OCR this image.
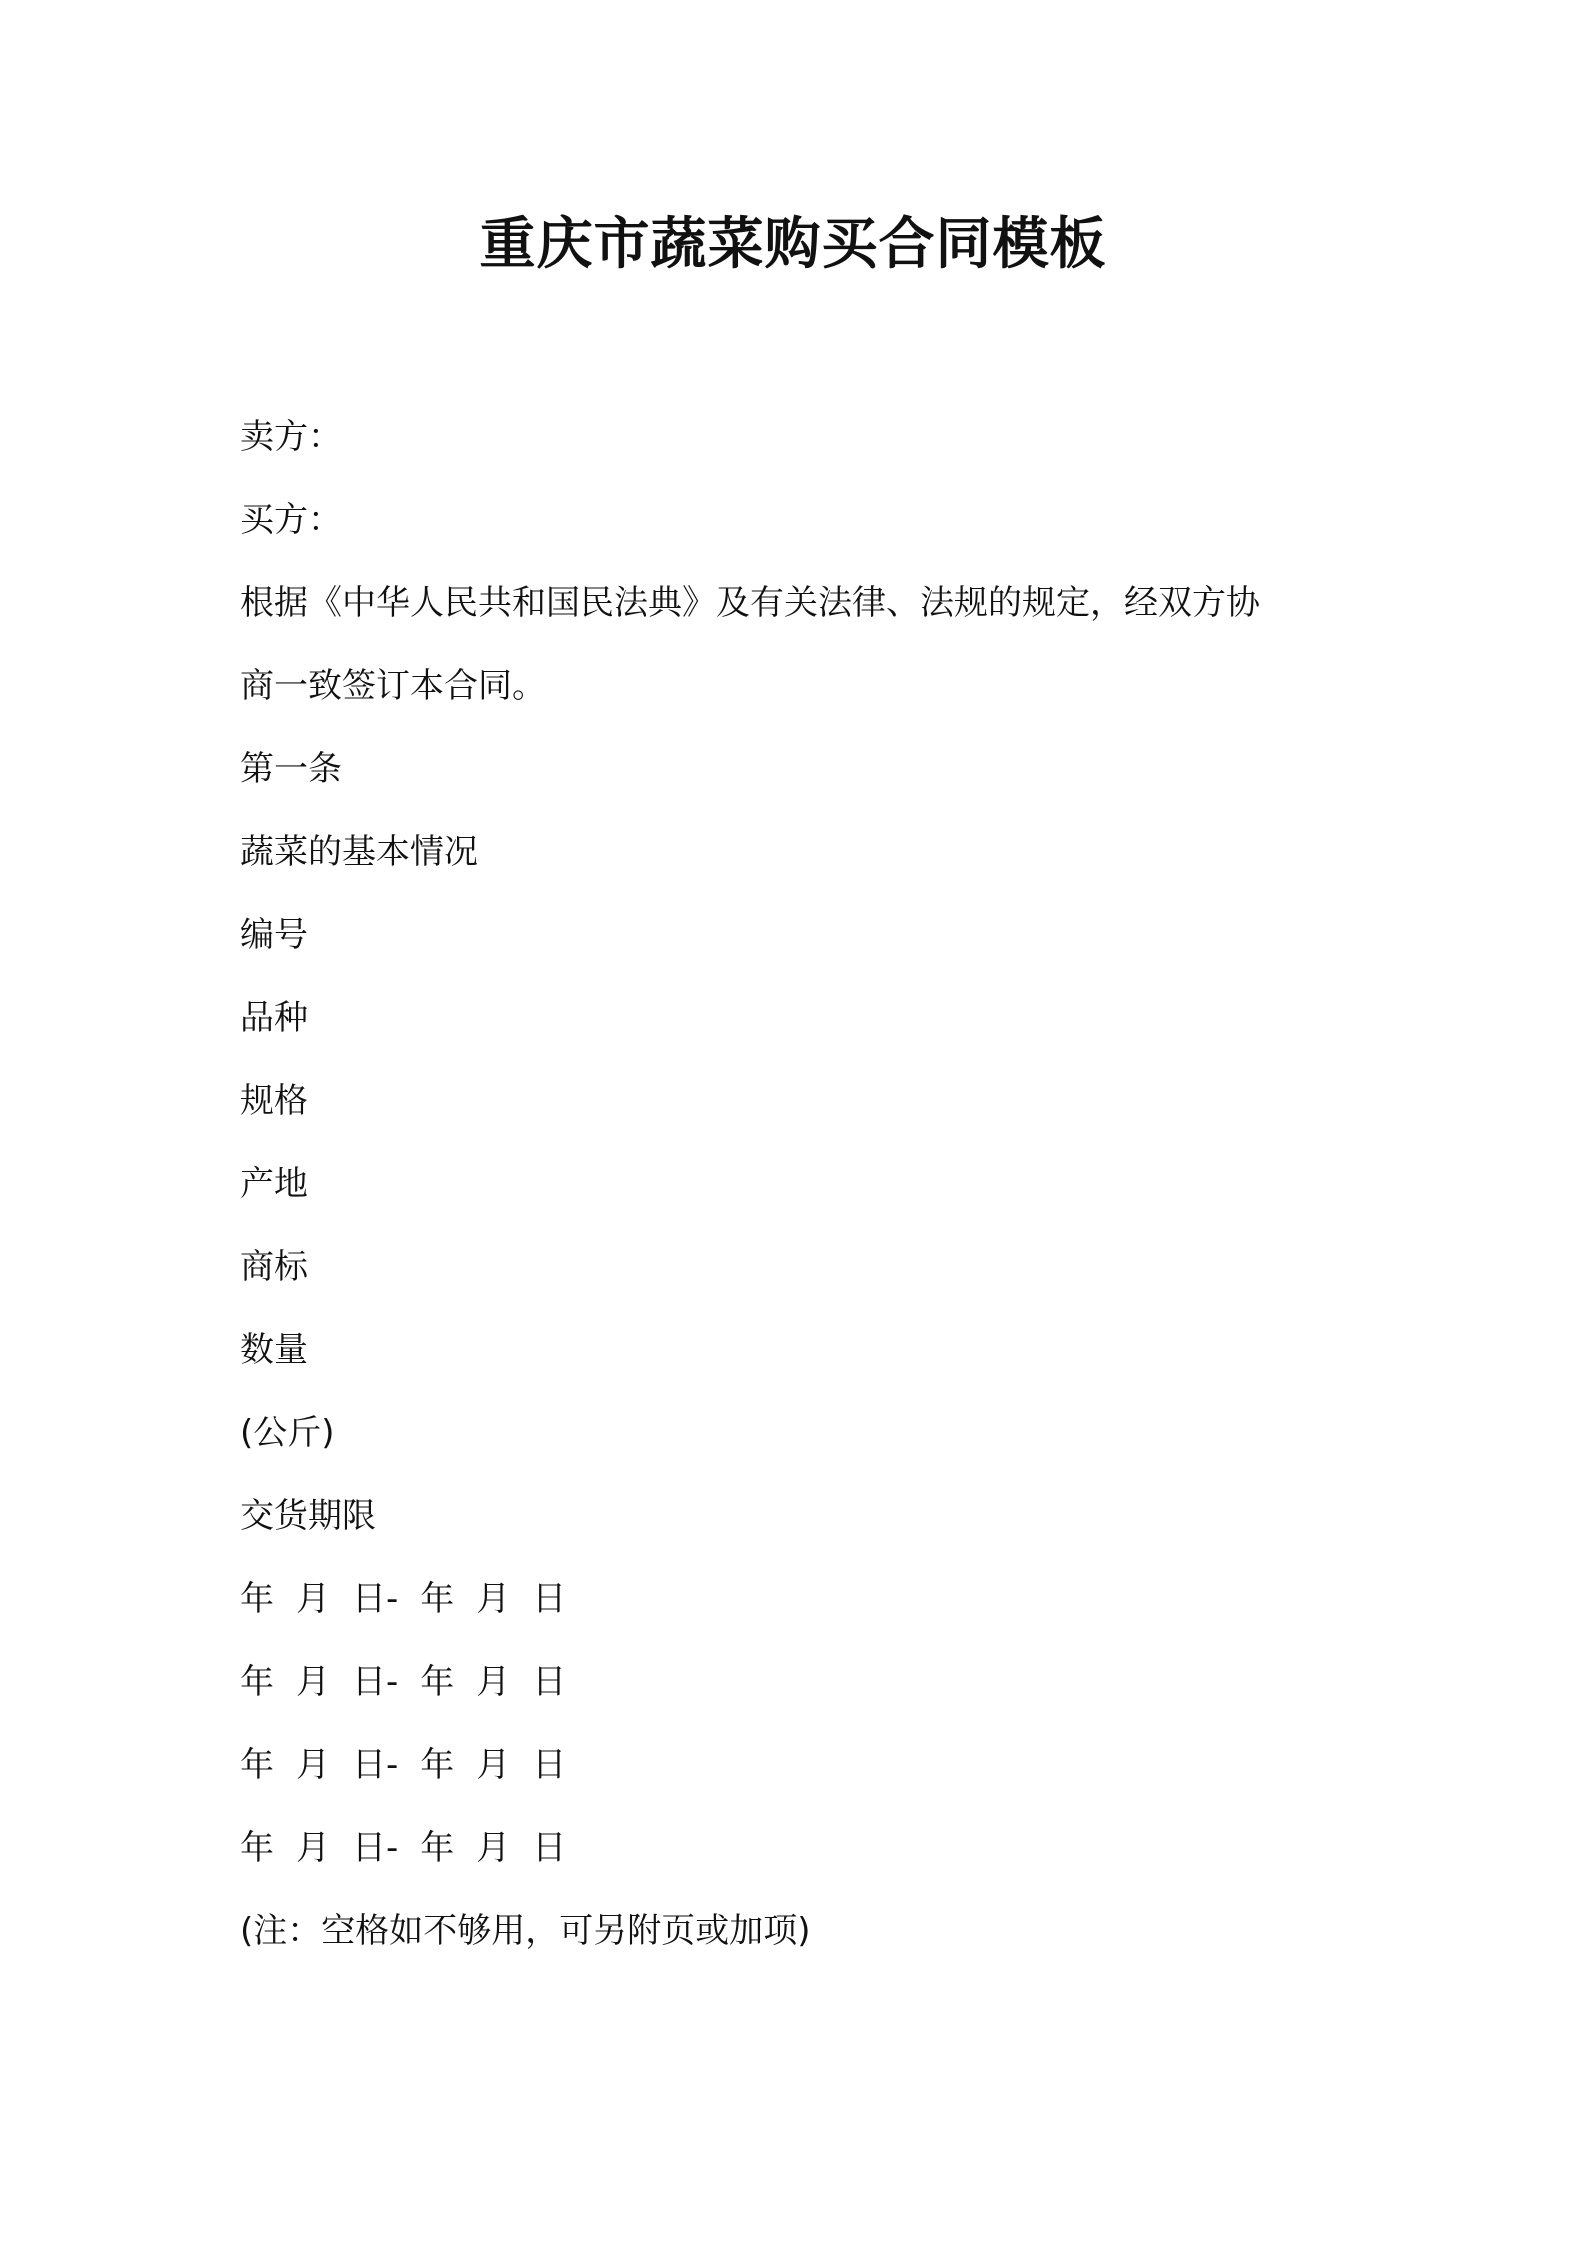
重庆市蔬菜购买合同模板

卖方：

买方：

根据《中华人民共和国民法典》及有关法律、法规的规定，经双方协

商一致签订本合同。

第一条

蔬菜的基本情况

编号

品种

规格

产地

商标

数量

(公斤)

交货期限

年 月 日- 年 月 日

年 月 日- 年 月 日

年 月 日- 年 月 日

年 月 日- 年 月 日

(注：空格如不够用，可另附页或加项)
